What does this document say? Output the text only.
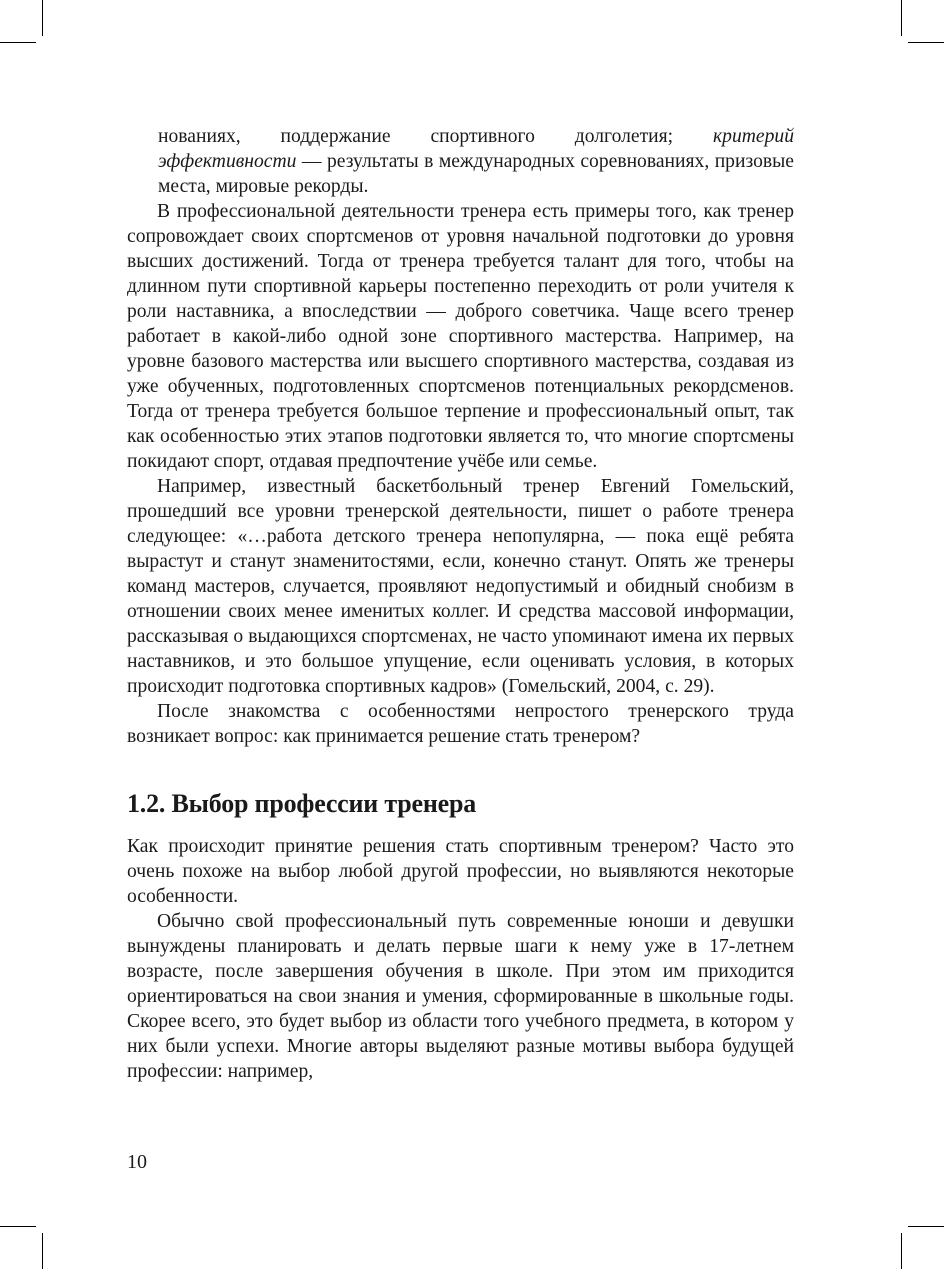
нованиях, поддержание спортивного долголетия; критерий эффективности — результаты в международных соревнованиях, призовые места, мировые рекорды.

В профессиональной деятельности тренера есть примеры того, как тренер сопровождает своих спортсменов от уровня начальной подготовки до уровня высших достижений. Тогда от тренера требуется талант для того, чтобы на длинном пути спортивной карьеры постепенно переходить от роли учителя к роли наставника, а впоследствии — доброго советчика. Чаще всего тренер работает в какой-либо одной зоне спортивного мастерства. Например, на уровне базового мастерства или высшего спортивного мастерства, создавая из уже обученных, подготовленных спортсменов потенциальных рекордсменов. Тогда от тренера требуется большое терпение и профессиональный опыт, так как особенностью этих этапов подготовки является то, что многие спортсмены покидают спорт, отдавая предпочтение учёбе или семье.

Например, известный баскетбольный тренер Евгений Гомельский, прошедший все уровни тренерской деятельности, пишет о работе тренера следующее: «…работа детского тренера непопулярна, — пока ещё ребята вырастут и станут знаменитостями, если, конечно станут. Опять же тренеры команд мастеров, случается, проявляют недопустимый и обидный снобизм в отношении своих менее именитых коллег. И средства массовой информации, рассказывая о выдающихся спортсменах, не часто упоминают имена их первых наставников, и это большое упущение, если оценивать условия, в которых происходит подготовка спортивных кадров» (Гомельский, 2004, с. 29).

После знакомства с особенностями непростого тренерского труда возникает вопрос: как принимается решение стать тренером?

1.2. Выбор профессии тренера

Как происходит принятие решения стать спортивным тренером? Часто это очень похоже на выбор любой другой профессии, но выявляются некоторые особенности.

Обычно свой профессиональный путь современные юноши и девушки вынуждены планировать и делать первые шаги к нему уже в 17-летнем возрасте, после завершения обучения в школе. При этом им приходится ориентироваться на свои знания и умения, сформированные в школьные годы. Скорее всего, это будет выбор из области того учебного предмета, в котором у них были успехи. Многие авторы выделяют разные мотивы выбора будущей профессии: например,

10
